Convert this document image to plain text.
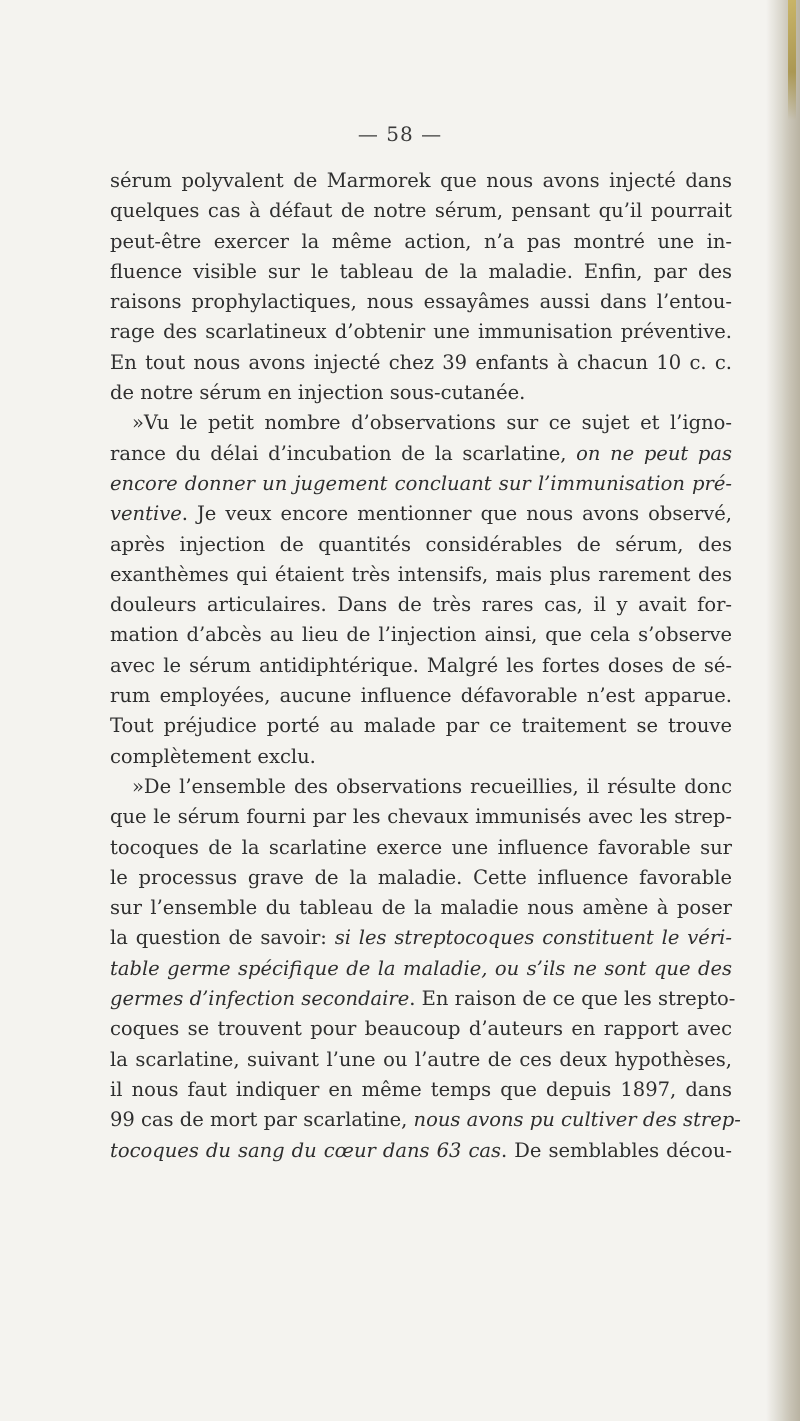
— 58 —
sérum polyvalent de Marmorek que nous avons injecté dans
quelques cas à défaut de notre sérum, pensant qu’il pourrait
peut-être exercer la même action, n’a pas montré une in-
fluence visible sur le tableau de la maladie. Enfin, par des
raisons prophylactiques, nous essayâmes aussi dans l’entou-
rage des scarlatineux d’obtenir une immunisation préventive.
En tout nous avons injecté chez 39 enfants à chacun 10 c. c.
de notre sérum en injection sous-cutanée.
»Vu le petit nombre d’observations sur ce sujet et l’igno-
rance du délai d’incubation de la scarlatine, on ne peut pas
encore donner un jugement concluant sur l’immunisation pré-
ventive. Je veux encore mentionner que nous avons observé,
après injection de quantités considérables de sérum, des
exanthèmes qui étaient très intensifs, mais plus rarement des
douleurs articulaires. Dans de très rares cas, il y avait for-
mation d’abcès au lieu de l’injection ainsi, que cela s’observe
avec le sérum antidiphtérique. Malgré les fortes doses de sé-
rum employées, aucune influence défavorable n’est apparue.
Tout préjudice porté au malade par ce traitement se trouve
complètement exclu.
»De l’ensemble des observations recueillies, il résulte donc
que le sérum fourni par les chevaux immunisés avec les strep-
tocoques de la scarlatine exerce une influence favorable sur
le processus grave de la maladie. Cette influence favorable
sur l’ensemble du tableau de la maladie nous amène à poser
la question de savoir: si les streptocoques constituent le véri-
table germe spécifique de la maladie, ou s’ils ne sont que des
germes d’infection secondaire. En raison de ce que les strepto-
coques se trouvent pour beaucoup d’auteurs en rapport avec
la scarlatine, suivant l’une ou l’autre de ces deux hypothèses,
il nous faut indiquer en même temps que depuis 1897, dans
99 cas de mort par scarlatine, nous avons pu cultiver des strep-
tocoques du sang du cœur dans 63 cas. De semblables décou-
